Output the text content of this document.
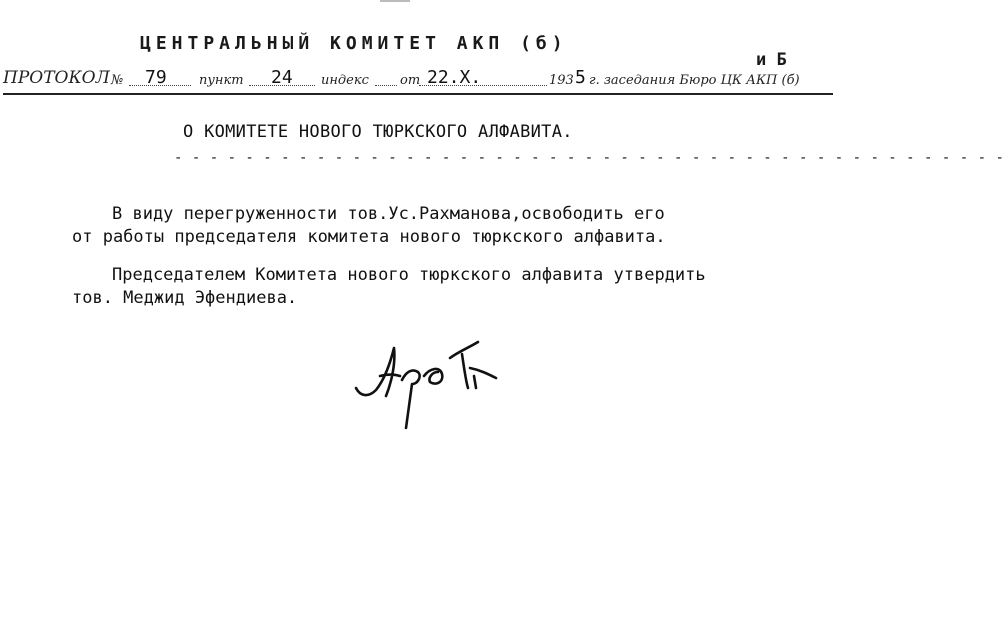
ЦЕНТРАЛЬНЫЙ КОМИТЕТ АКП (б)
и Б
ПРОТОКОЛ № 79 пункт 24 индекс от 22.Х.	193 5 г. заседания Бюро ЦК АКП (б)
О КОМИТЕТЕ НОВОГО ТЮРКСКОГО АЛФАВИТА.
- - - - - - - - - - - - - - - - - - - - - - - - - - - - - - - - - - - - - - - - - - - - - - -
В виду перегруженности тов.Ус.Рахманова,освободить его
от работы председателя комитета нового тюркского алфавита.
Председателем Комитета нового тюркского алфавита утвердить
тов. Меджид Эфендиева.
